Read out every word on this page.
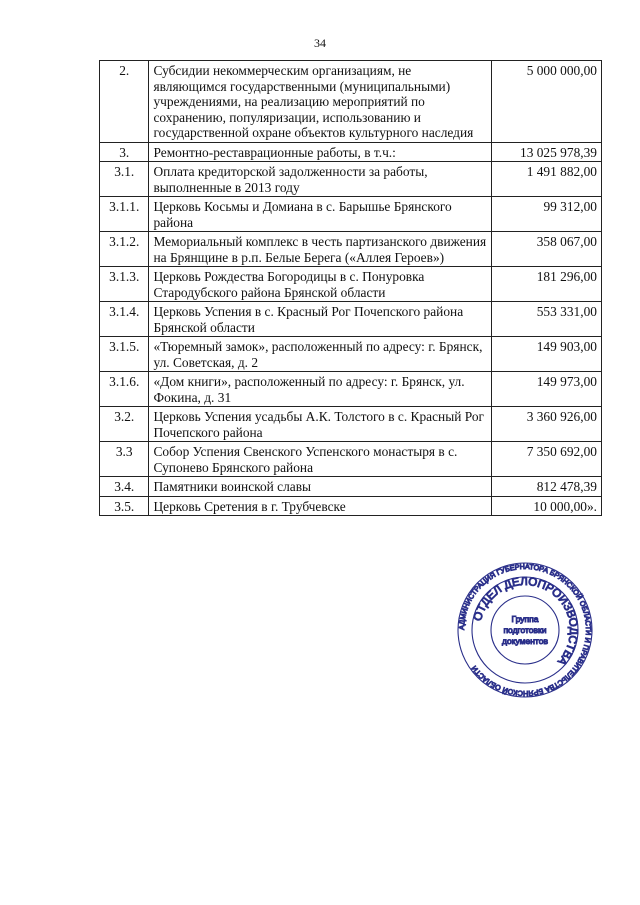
34
2.	Субсидии некоммерческим организациям, не являющимся государственными (муниципальными) учреждениями, на реализацию мероприятий по сохранению, популяризации, использованию и государственной охране объектов культурного наследия	5 000 000,00
3.	Ремонтно-реставрационные работы, в т.ч.:	13 025 978,39
3.1.	Оплата кредиторской задолженности за работы, выполненные в 2013 году	1 491 882,00
3.1.1.	Церковь Косьмы и Домиана в с. Барышье Брянского района	99 312,00
3.1.2.	Мемориальный комплекс в честь партизанского движения на Брянщине в р.п. Белые Берега («Аллея Героев»)	358 067,00
3.1.3.	Церковь Рождества Богородицы в с. Понуровка Стародубского района Брянской области	181 296,00
3.1.4.	Церковь Успения в с. Красный Рог Почепского района Брянской области	553 331,00
3.1.5.	«Тюремный замок», расположенный по адресу: г. Брянск, ул. Советская, д. 2	149 903,00
3.1.6.	«Дом книги», расположенный по адресу: г. Брянск, ул. Фокина, д. 31	149 973,00
3.2.	Церковь Успения усадьбы А.К. Толстого в с. Красный Рог Почепского района	3 360 926,00
3.3	Собор Успения Свенского Успенского монастыря в с. Супонево Брянского района	7 350 692,00
3.4.	Памятники воинской славы	812 478,39
3.5.	Церковь Сретения в г. Трубчевске	10 000,00».
АДМИНИСТРАЦИЯ ГУБЕРНАТОРА БРЯНСКОЙ ОБЛАСТИ И ПРАВИТЕЛЬСТВА БРЯНСКОЙ ОБЛАСТИ
ОТДЕЛ ДЕЛОПРОИЗВОДСТВА
Группа
подготовки
документов
